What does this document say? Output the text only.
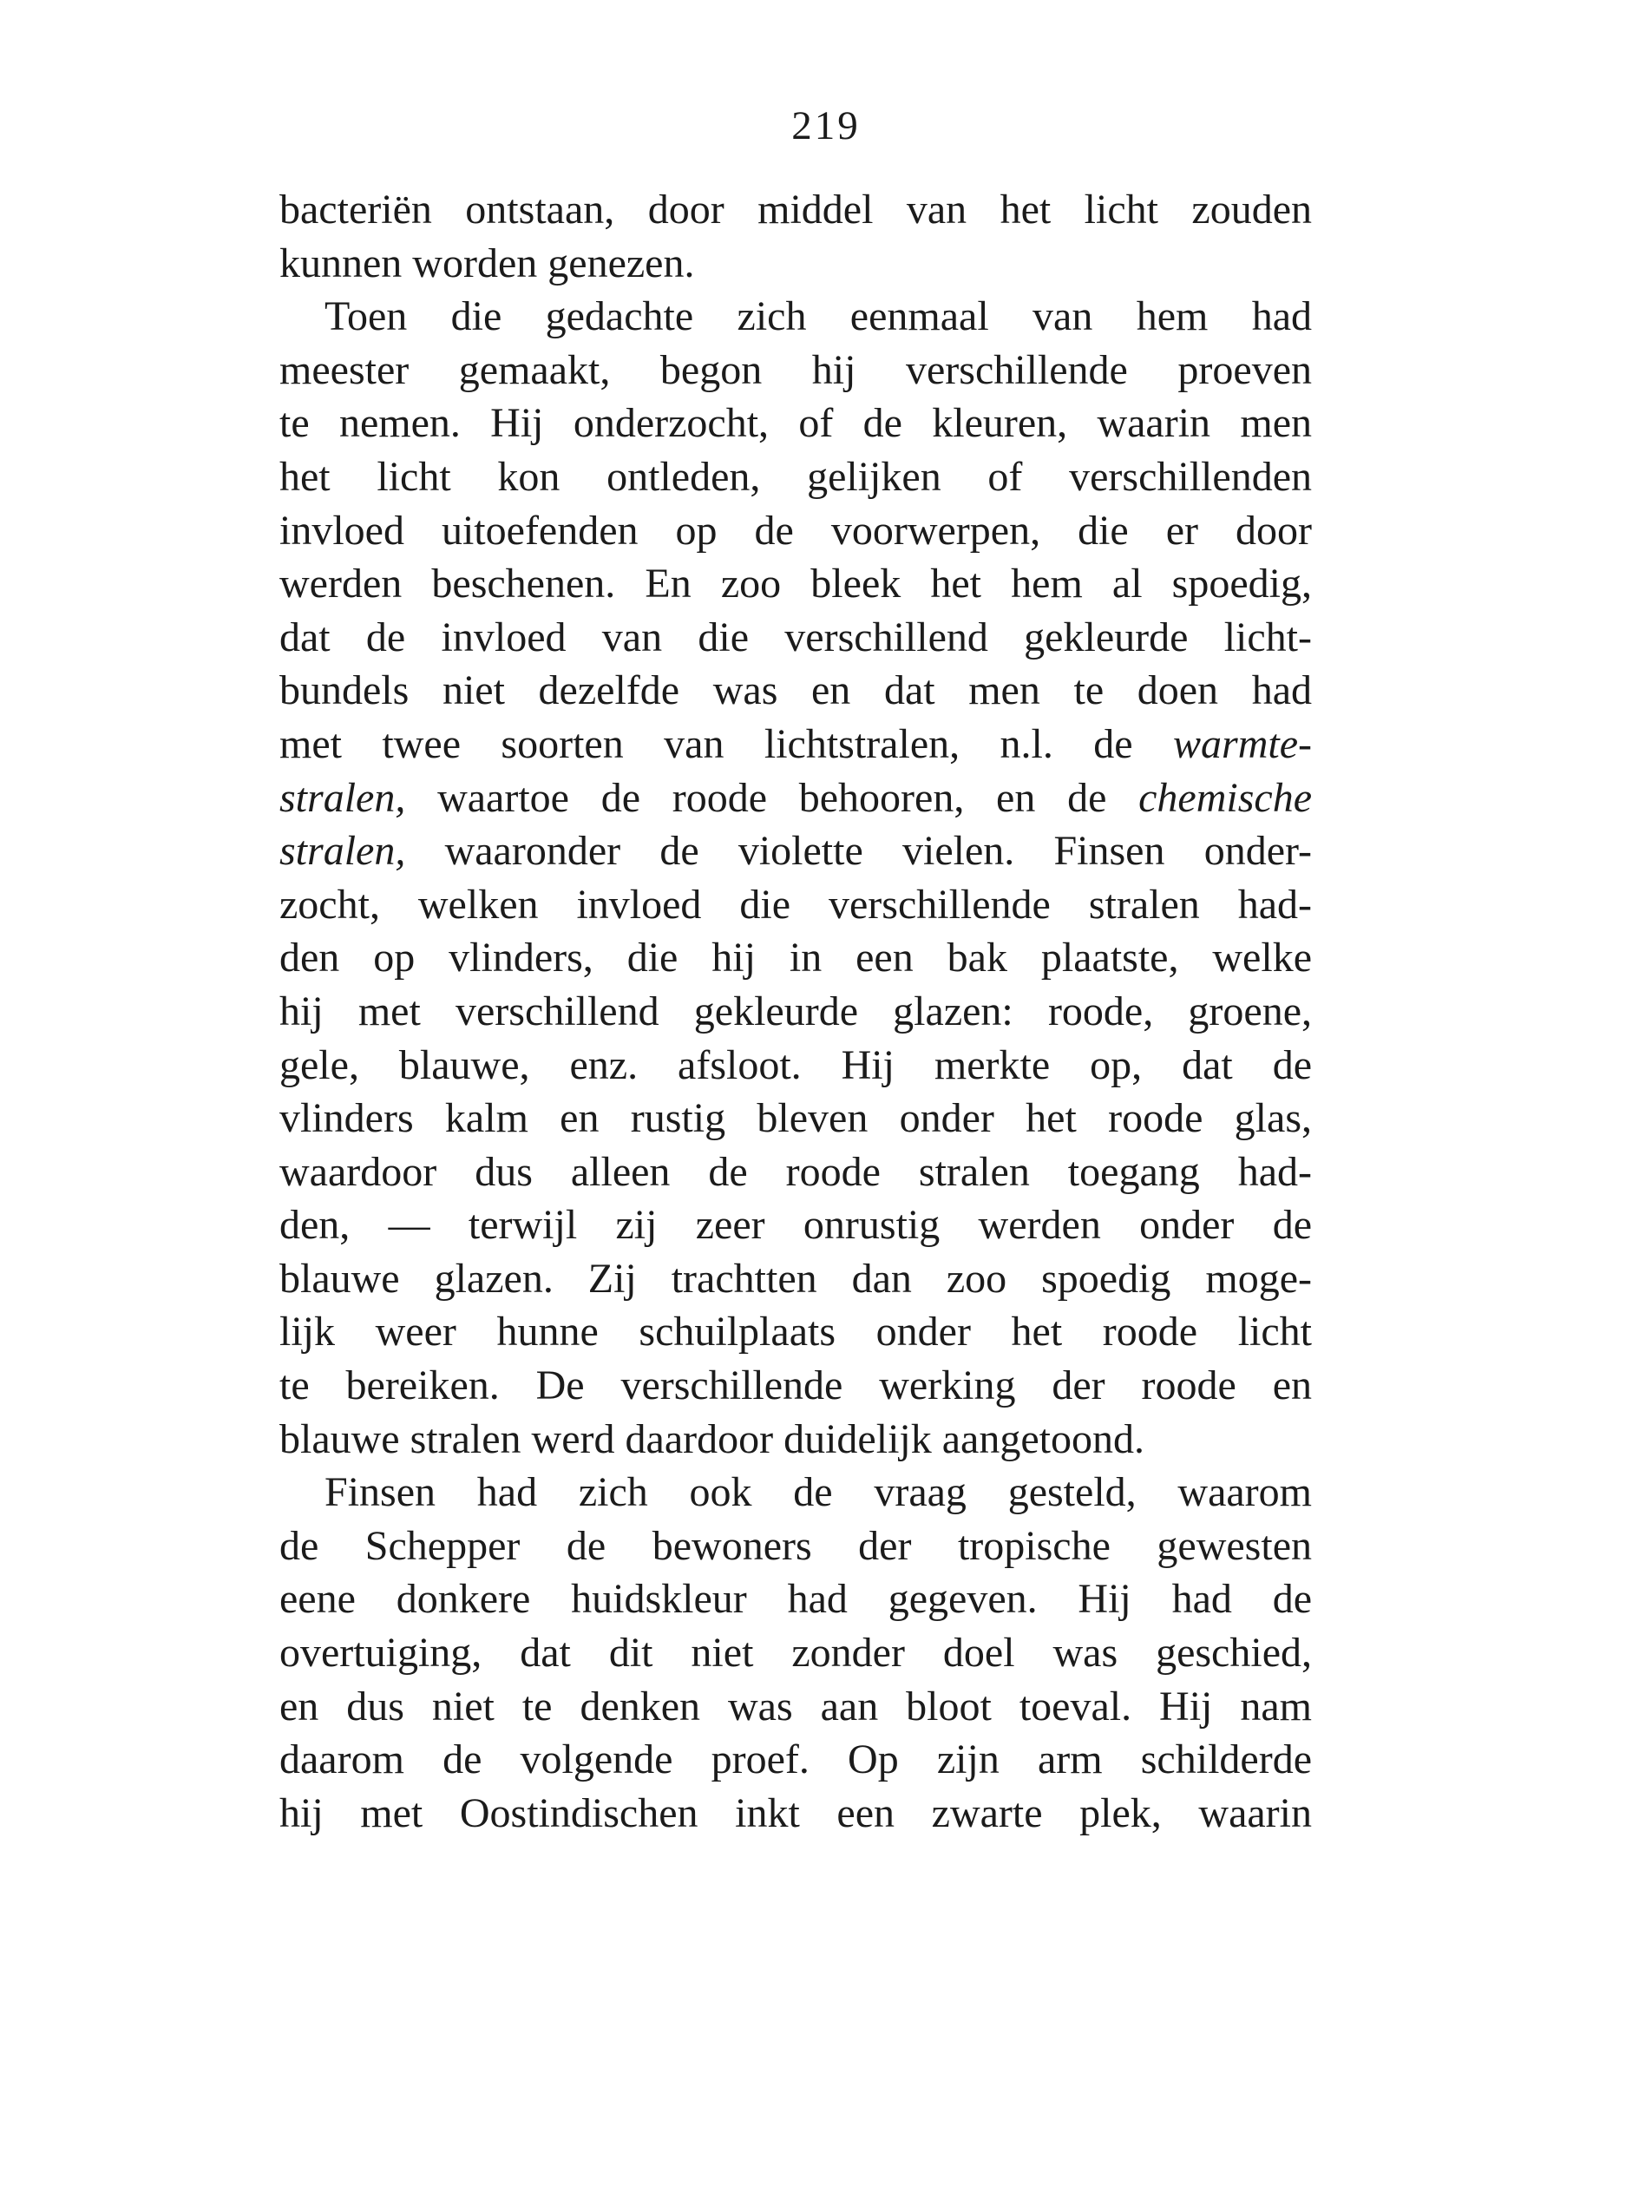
219
bacteriën ontstaan, door middel van het licht zouden
kunnen worden genezen.
Toen die gedachte zich eenmaal van hem had
meester gemaakt, begon hij verschillende proeven
te nemen. Hij onderzocht, of de kleuren, waarin men
het licht kon ontleden, gelijken of verschillenden
invloed uitoefenden op de voorwerpen, die er door
werden beschenen. En zoo bleek het hem al spoedig,
dat de invloed van die verschillend gekleurde licht-
bundels niet dezelfde was en dat men te doen had
met twee soorten van lichtstralen, n.l. de warmte-
stralen, waartoe de roode behooren, en de chemische
stralen, waaronder de violette vielen. Finsen onder-
zocht, welken invloed die verschillende stralen had-
den op vlinders, die hij in een bak plaatste, welke
hij met verschillend gekleurde glazen: roode, groene,
gele, blauwe, enz. afsloot. Hij merkte op, dat de
vlinders kalm en rustig bleven onder het roode glas,
waardoor dus alleen de roode stralen toegang had-
den, — terwijl zij zeer onrustig werden onder de
blauwe glazen. Zij trachtten dan zoo spoedig moge-
lijk weer hunne schuilplaats onder het roode licht
te bereiken. De verschillende werking der roode en
blauwe stralen werd daardoor duidelijk aangetoond.
Finsen had zich ook de vraag gesteld, waarom
de Schepper de bewoners der tropische gewesten
eene donkere huidskleur had gegeven. Hij had de
overtuiging, dat dit niet zonder doel was geschied,
en dus niet te denken was aan bloot toeval. Hij nam
daarom de volgende proef. Op zijn arm schilderde
hij met Oostindischen inkt een zwarte plek, waarin
